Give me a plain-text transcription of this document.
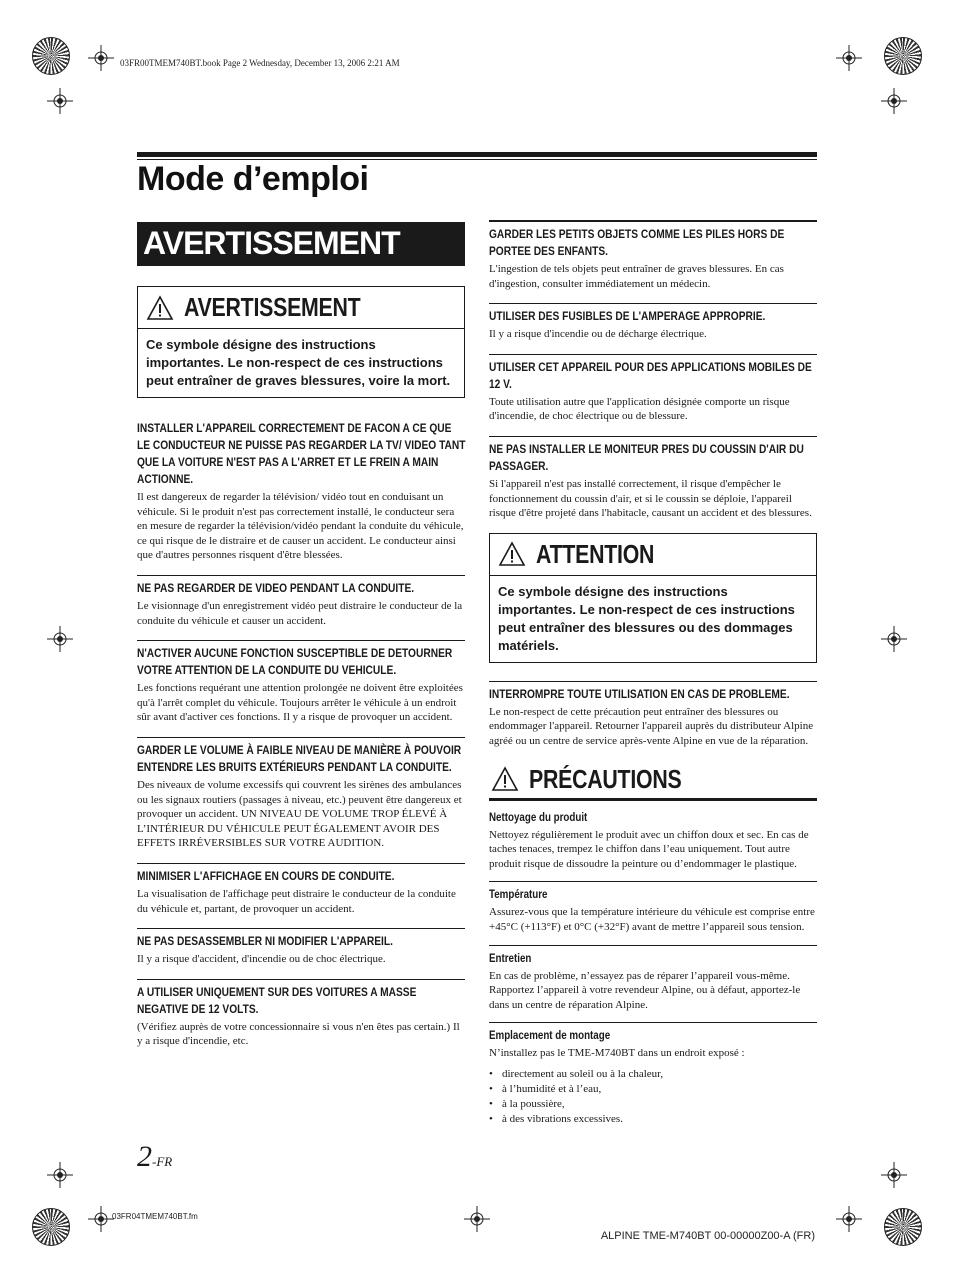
03FR00TMEM740BT.book Page 2 Wednesday, December 13, 2006 2:21 AM
Mode d’emploi
AVERTISSEMENT
AVERTISSEMENT
Ce symbole désigne des instructions importantes. Le non-respect de ces instructions peut entraîner de graves blessures, voire la mort.
INSTALLER L'APPAREIL CORRECTEMENT DE FACON A CE QUE LE CONDUCTEUR NE PUISSE PAS REGARDER LA TV/ VIDEO TANT QUE LA VOITURE N'EST PAS A L'ARRET ET LE FREIN A MAIN ACTIONNE.

Il est dangereux de regarder la télévision/ vidéo tout en conduisant un véhicule. Si le produit n'est pas correctement installé, le conducteur sera en mesure de regarder la télévision/vidéo pendant la conduite du véhicule, ce qui risque de le distraire et de causer un accident. Le conducteur ainsi que d'autres personnes risquent d'être blessées.

NE PAS REGARDER DE VIDEO PENDANT LA CONDUITE.

Le visionnage d'un enregistrement vidéo peut distraire le conducteur de la conduite du véhicule et causer un accident.

N'ACTIVER AUCUNE FONCTION SUSCEPTIBLE DE DETOURNER VOTRE ATTENTION DE LA CONDUITE DU VEHICULE.

Les fonctions requérant une attention prolongée ne doivent être exploitées qu'à l'arrêt complet du véhicule. Toujours arrêter le véhicule à un endroit sûr avant d'activer ces fonctions. Il y a risque de provoquer un accident.

GARDER LE VOLUME À FAIBLE NIVEAU DE MANIÈRE À POUVOIR ENTENDRE LES BRUITS EXTÉRIEURS PENDANT LA CONDUITE.

Des niveaux de volume excessifs qui couvrent les sirènes des ambulances ou les signaux routiers (passages à niveau, etc.) peuvent être dangereux et provoquer un accident. UN NIVEAU DE VOLUME TROP ÉLEVÉ À L’INTÉRIEUR DU VÉHICULE PEUT ÉGALEMENT AVOIR DES EFFETS IRRÉVERSIBLES SUR VOTRE AUDITION.

MINIMISER L'AFFICHAGE EN COURS DE CONDUITE.

La visualisation de l'affichage peut distraire le conducteur de la conduite du véhicule et, partant, de provoquer un accident.

NE PAS DESASSEMBLER NI MODIFIER L'APPAREIL.

Il y a risque d'accident, d'incendie ou de choc électrique.

A UTILISER UNIQUEMENT SUR DES VOITURES A MASSE NEGATIVE DE 12 VOLTS.

(Vérifiez auprès de votre concessionnaire si vous n'en êtes pas certain.) Il y a risque d'incendie, etc.

GARDER LES PETITS OBJETS COMME LES PILES HORS DE PORTEE DES ENFANTS.

L'ingestion de tels objets peut entraîner de graves blessures. En cas d'ingestion, consulter immédiatement un médecin.

UTILISER DES FUSIBLES DE L'AMPERAGE APPROPRIE.

Il y a risque d'incendie ou de décharge électrique.

UTILISER CET APPAREIL POUR DES APPLICATIONS MOBILES DE 12 V.

Toute utilisation autre que l'application désignée comporte un risque d'incendie, de choc électrique ou de blessure.

NE PAS INSTALLER LE MONITEUR PRES DU COUSSIN D'AIR DU PASSAGER.

Si l'appareil n'est pas installé correctement, il risque d'empêcher le fonctionnement du coussin d'air, et si le coussin se déploie, l'appareil risque d'être projeté dans l'habitacle, causant un accident et des blessures.

ATTENTION
Ce symbole désigne des instructions importantes. Le non-respect de ces instructions peut entraîner des blessures ou des dommages matériels.
INTERROMPRE TOUTE UTILISATION EN CAS DE PROBLEME.

Le non-respect de cette précaution peut entraîner des blessures ou endommager l'appareil. Retourner l'appareil auprès du distributeur Alpine agréé ou un centre de service après-vente Alpine en vue de la réparation.

PRÉCAUTIONS
Nettoyage du produit

Nettoyez régulièrement le produit avec un chiffon doux et sec. En cas de taches tenaces, trempez le chiffon dans l’eau uniquement. Tout autre produit risque de dissoudre la peinture ou d’endommager le plastique.

Température

Assurez-vous que la température intérieure du véhicule est comprise entre +45°C (+113°F) et 0°C (+32°F) avant de mettre l’appareil sous tension.

Entretien

En cas de problème, n’essayez pas de réparer l’appareil vous-même. Rapportez l’appareil à votre revendeur Alpine, ou à défaut, apportez-le dans un centre de réparation Alpine.

Emplacement de montage

N’installez pas le TME-M740BT dans un endroit exposé :

• directement au soleil ou à la chaleur,
• à l’humidité et à l’eau,
• à la poussière,
• à des vibrations excessives.
2-FR
03FR04TMEM740BT.fm
ALPINE TME-M740BT 00-00000Z00-A (FR)
